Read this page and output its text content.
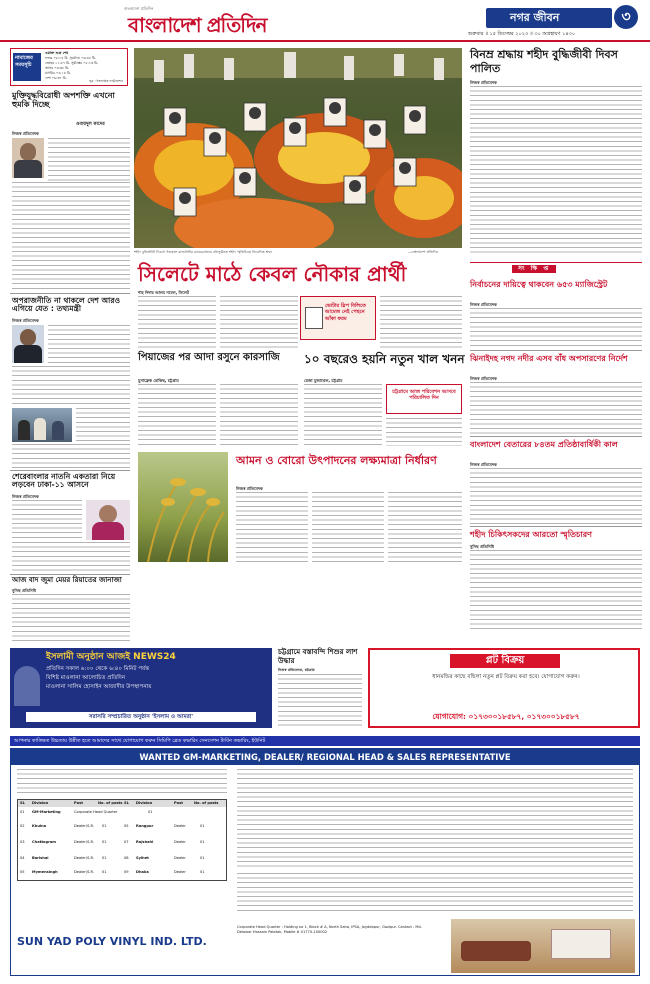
বাংলাদেশ প্রতিদিন
বাংলাদেশ প্রতিদিন	নগর জীবন	৩
শুক্রবার ॥ ১৫ ডিসেম্বর ২০২৩ ॥ ৩০ অগ্রহায়ণ ১৪৩০
নামাজের সময়সূচি
ওয়াক্ত শুরু শেষ
ফজর ০৫:১৪ মি. সূর্যোদয় ০৬:৩৫ মি.
জোহর ১১:৫৭ মি. সূর্যাস্তের ০৫:১৩ মি.
আসর ০৩:৩৮ মি.
মাগরিব ০৫:১৪ মি.
এশা ০৬:৩৭ মি.
সূত্র : ইসলামিক ফাউন্ডেশন
মুক্তিযুদ্ধবিরোধী অপশক্তি এখনো হুমকি দিচ্ছে
ওবায়দুল কাদের
নিজস্ব প্রতিবেদক
অপরাজনীতি না থাকলে দেশ আরও এগিয়ে যেত : তথ্যমন্ত্রী
নিজস্ব প্রতিবেদক
শেরেবাংলার নাতনি একতারা নিয়ে লড়বেন ঢাকা-১১ আসনে
নিজস্ব প্রতিবেদক
আজ বাদ জুমা মেয়র রিয়াতের জানাজা
নুসিছ প্রতিনিধি
শহীদ বুদ্ধিজীবী দিবসে গতকাল রাজধানীর রায়েরবাজার বধ্যভূমিতে শহীদ স্মৃতিচিহ্নে নিবেদিত শ্রদ্ধা	—বাংলাদেশ প্রতিদিন
সিলেটে মাঠে কেবল নৌকার প্রার্থী
শাহ দিদার আলম নবেল, সিলেট
ভোটার স্লিপ বিলিতে আমেজ নেই পেছনে আঁকা ফরম
পিয়াজের পর আদা রসুনে কারসাজি
মুসাফ্রেক রোকিছ, চট্টগ্রাম
১০ বছরেও হয়নি নতুন খাল খনন
রেজা মুজাম্মেল, চট্টগ্রাম
চট্টগ্রামে আজ পরিবেশন আসবে পরিচালিত দিন
আমন ও বোরো উৎপাদনের লক্ষ্যমাত্রা নির্ধারণ
নিজস্ব প্রতিবেদক
বিনম্র শ্রদ্ধায় শহীদ বুদ্ধিজীবী দিবস পালিত
নিজস্ব প্রতিবেদক
সং ক্ষি প্ত
নির্বাচনের দায়িত্বে থাকবেন ৬৫৩ ম্যাজিস্ট্রেট
নিজস্ব প্রতিবেদক
ঝিনাইদহ নগদ নদীর এসব বাঁধ অপসারণের নির্দেশ
নিজস্ব প্রতিবেদক
বাংলাদেশ বেতারের ৮৪তম প্রতিষ্ঠাবার্ষিকী কাল
নিজস্ব প্রতিবেদক
শহীদ চিকিৎসকদের আরতো স্মৃতিচারণ
নুসিছ প্রতিনিধি
ইসলামী অনুষ্ঠান আজই NEWS24
প্রতিদিন সকাল ৬:০০ থেকে ৬:৪০ মিনিট পর্যন্ত
বিশিষ্ট মাওলানা আলোচিত প্রতিদিন
মাওলানা সালিম হোসাইন আজাদীর উপস্থাপনায়
সরাসরি সম্প্রচারিত অনুষ্ঠান 'ইসলাম ও আমরা'
চট্টগ্রামে বস্তাবন্দি শিশুর লাশ উদ্ধার
নিজস্ব প্রতিবেদক, চট্টগ্রাম
প্লট বিক্রয়
ধানমন্ডির কাছে বছিলা নতুন প্লট বিক্রয় করা হবে। যোগাযোগ করুন।
যোগাযোগ: ০১৭৩০০১৮৫৮৭, ০১৭৩০০১৮৫৮৭
আপনার কাঙ্ক্ষিত উচ্চতায় উন্নীত হতে আমাদের সাথে যোগাযোগ করুন সিমিপি ব্লেড কভারিং সেনসেশন টার্বিন কভারিং, ইউনিট
WANTED GM-MARKETING, DEALER/ REGIONAL HEAD & SALES REPRESENTATIVE
SL Division	Post	No. of posts SL Division	Post	No. of posts
01 GM-Marketing	Corporate Head Quarter	01
02 Khulna	Dealer/S.R. 01	05 Rangpur	Dealer	01
03 Chattogram	Dealer/S.R. 01	07 Rajshahi	Dealer	01
04 Barishal	Dealer/S.R. 01	08 Sylhet	Dealer	01
05 Mymensingh	Dealer/S.R. 01	09 Dhaka	Dealer	01
SUN YAD POLY VINYL IND. LTD.
Corporate Head Quarter : Holding no 1, Block # A, North Saha, IPSA, Joydebpur, Gazipur. Contact : Md. Delowar Hossain Palatak, Mobile # 01770-100002
